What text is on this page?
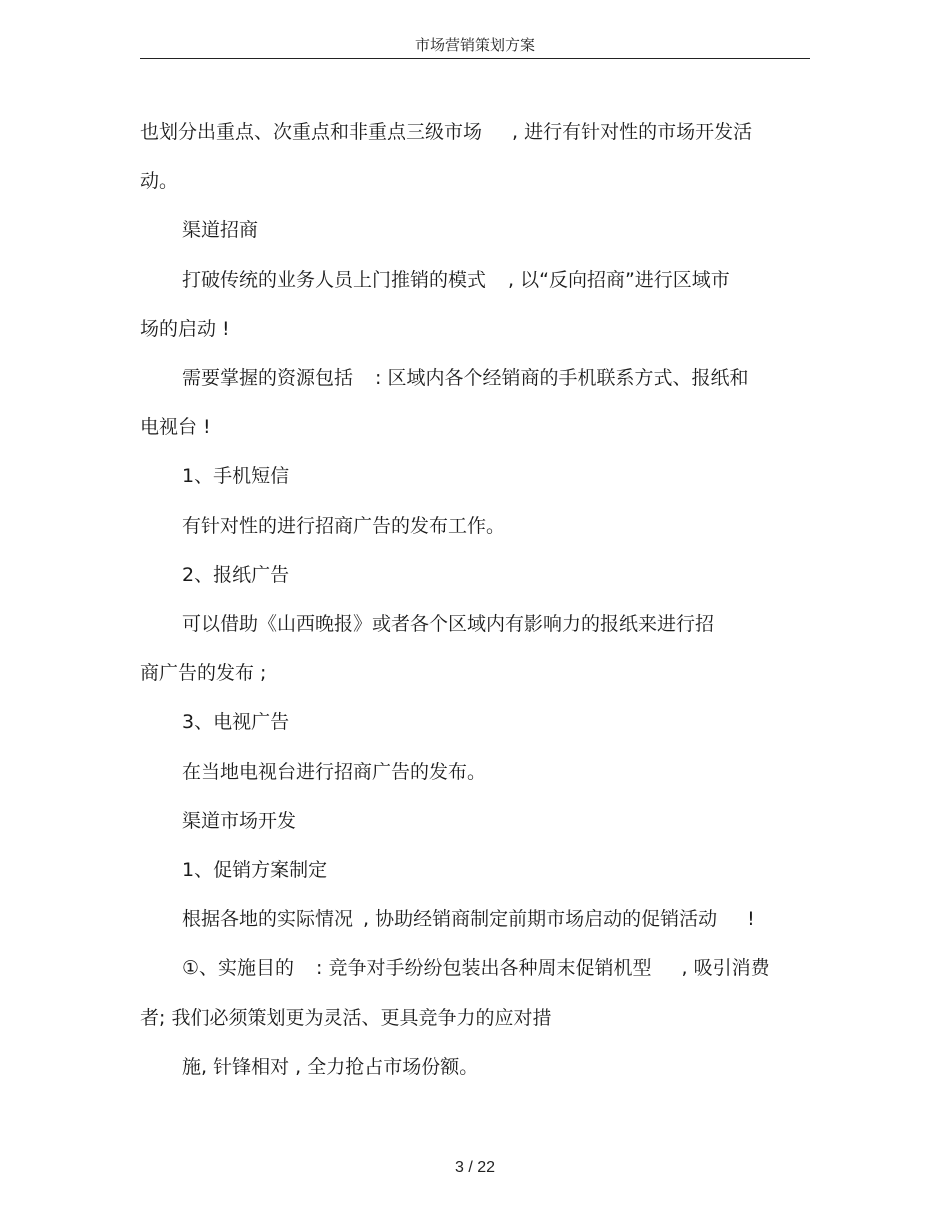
市场营销策划方案

也划分出重点、次重点和非重点三级市场 , 进行有针对性的市场开发活

动。

渠道招商

打破传统的业务人员上门推销的模式 , 以“反向招商”进行区域市

场的启动 !

需要掌握的资源包括 : 区域内各个经销商的手机联系方式、报纸和

电视台 !

1、手机短信

有针对性的进行招商广告的发布工作。

2、报纸广告

可以借助《山西晚报》或者各个区域内有影响力的报纸来进行招

商广告的发布 ;

3、电视广告

在当地电视台进行招商广告的发布。

渠道市场开发

1、促销方案制定

根据各地的实际情况 , 协助经销商制定前期市场启动的促销活动 !

①、实施目的 : 竞争对手纷纷包装出各种周末促销机型 , 吸引消费

者; 我们必须策划更为灵活、更具竞争力的应对措

施, 针锋相对 , 全力抢占市场份额。

3 / 22
